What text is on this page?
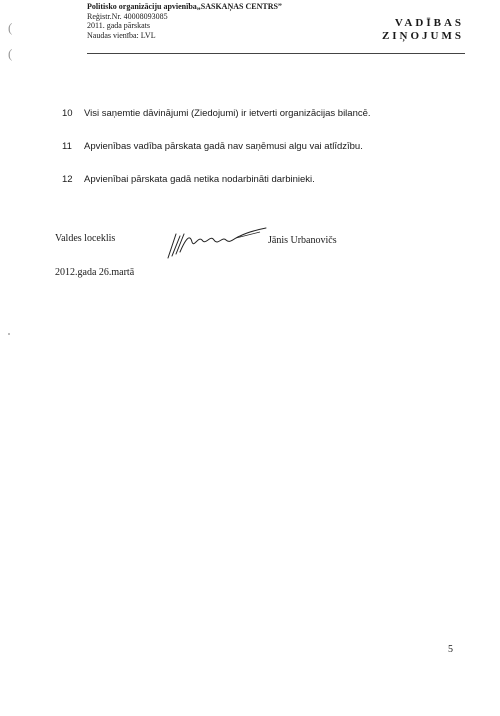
(
(
Politisko organizāciju apvienība„SASKAŅAS CENTRS”
Reģistr.Nr. 40008093085
2011. gada pārskats
Naudas vienība: LVL
VADĪBAS
ZIŅOJUMS
10	Visi saņemtie dāvinājumi (Ziedojumi) ir ietverti organizācijas bilancē.
11	Apvienības vadība pārskata gadā nav saņēmusi algu vai atlīdzību.
12	Apvienībai pārskata gadā netika nodarbināti darbinieki.
Valdes loceklis	Jānis Urbanovičs
2012.gada 26.martā
5
